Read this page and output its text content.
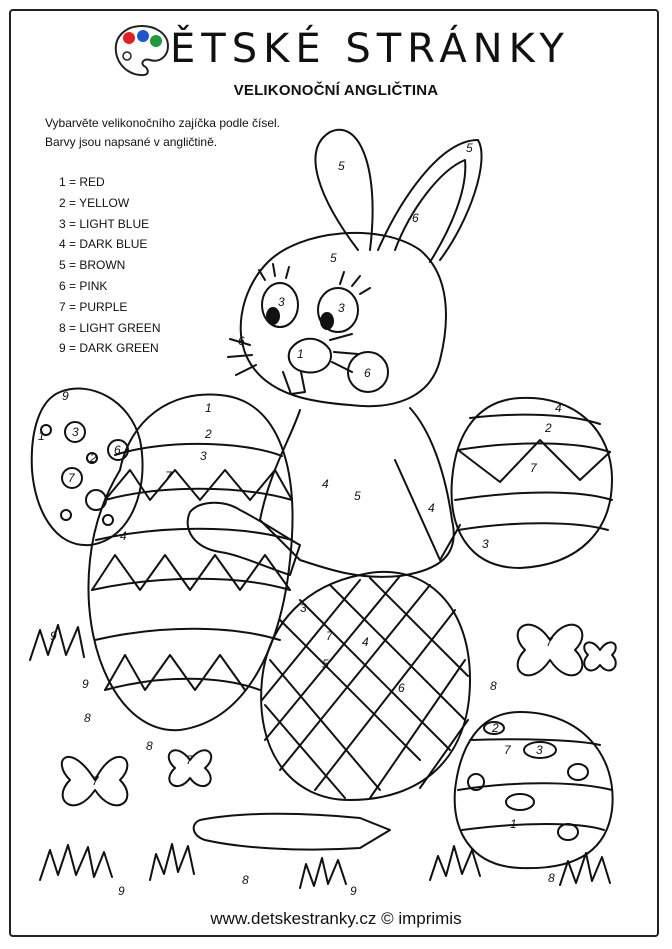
ĚTSKÉ STRÁNKY
VELIKONOČNÍ ANGLIČTINA
Vybarvěte velikonočního zajíčka podle čísel. Barvy jsou napsané v angličtině.
1 = RED
2 = YELLOW
3 = LIGHT BLUE
4 = DARK BLUE
5 = BROWN
6 = PINK
7 = PURPLE
8 = LIGHT GREEN
9 = DARK GREEN
5
6
5
5
3	3
6
6
1
4
5
4
1
2
7
4
3
3
6
7
2
9
1
4
2
7
3
6
5
3
7 4
2
3
7
1
7
7
7
9
9
9	9
8
8
8	8
8
www.detskestranky.cz © imprimis
